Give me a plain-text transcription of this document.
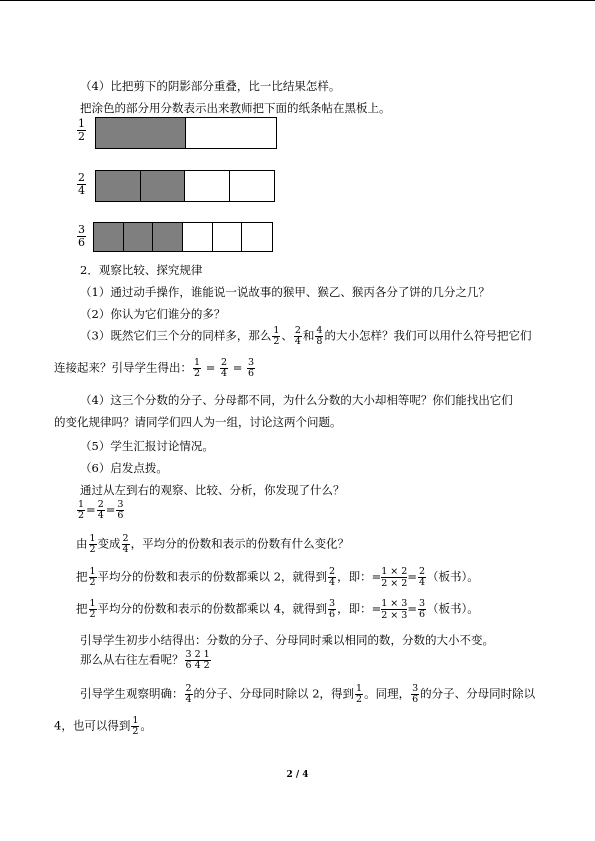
（4）比把剪下的阴影部分重叠，比一比结果怎样。
把涂色的部分用分数表示出来教师把下面的纸条帖在黑板上。
$\frac{1}{2}$
$\frac{2}{4}$
$\frac{3}{6}$
2．观察比较、探究规律
（1）通过动手操作，谁能说一说故事的猴甲、猴乙、猴丙各分了饼的几分之几？
（2）你认为它们谁分的多？
（3）既然它们三个分的同样多，那么 $\frac{1}{2}$ 、 $\frac{2}{4}$ 和 $\frac{4}{8}$ 的大小怎样？我们可以用什么符号把它们
连接起来？引导学生得出： $\frac{1}{2} = \frac{2}{4} = \frac{3}{6}$
（4）这三个分数的分子、分母都不同，为什么分数的大小却相等呢？你们能找出它们
的变化规律吗？请同学们四人为一组，讨论这两个问题。
（5）学生汇报讨论情况。
（6）启发点拨。
通过从左到右的观察、比较、分析，你发现了什么？
$\frac{1}{2} = \frac{2}{4} = \frac{3}{6}$
由 $\frac{1}{2}$ 变成 $\frac{2}{4}$ ，平均分的份数和表示的份数有什么变化？
把 $\frac{1}{2}$ 平均分的份数和表示的份数都乘以 2，就得到 $\frac{2}{4}$ ，即：= $\frac{1 \times 2}{2 \times 2} = \frac{2}{4}$ （板书）。
把 $\frac{1}{2}$ 平均分的份数和表示的份数都乘以 4，就得到 $\frac{3}{6}$ ，即：= $\frac{1 \times 3}{2 \times 3} = \frac{3}{6}$ （板书）。
引导学生初步小结得出：分数的分子、分母同时乘以相同的数，分数的大小不变。
那么从右往左看呢？ $\frac{3 2 1}{6 4 2}$
引导学生观察明确： $\frac{2}{4}$ 的分子、分母同时除以 2，得到 $\frac{1}{2}$ 。同理， $\frac{3}{6}$ 的分子、分母同时除以
4，也可以得到 $\frac{1}{2}$ 。
2 / 4
